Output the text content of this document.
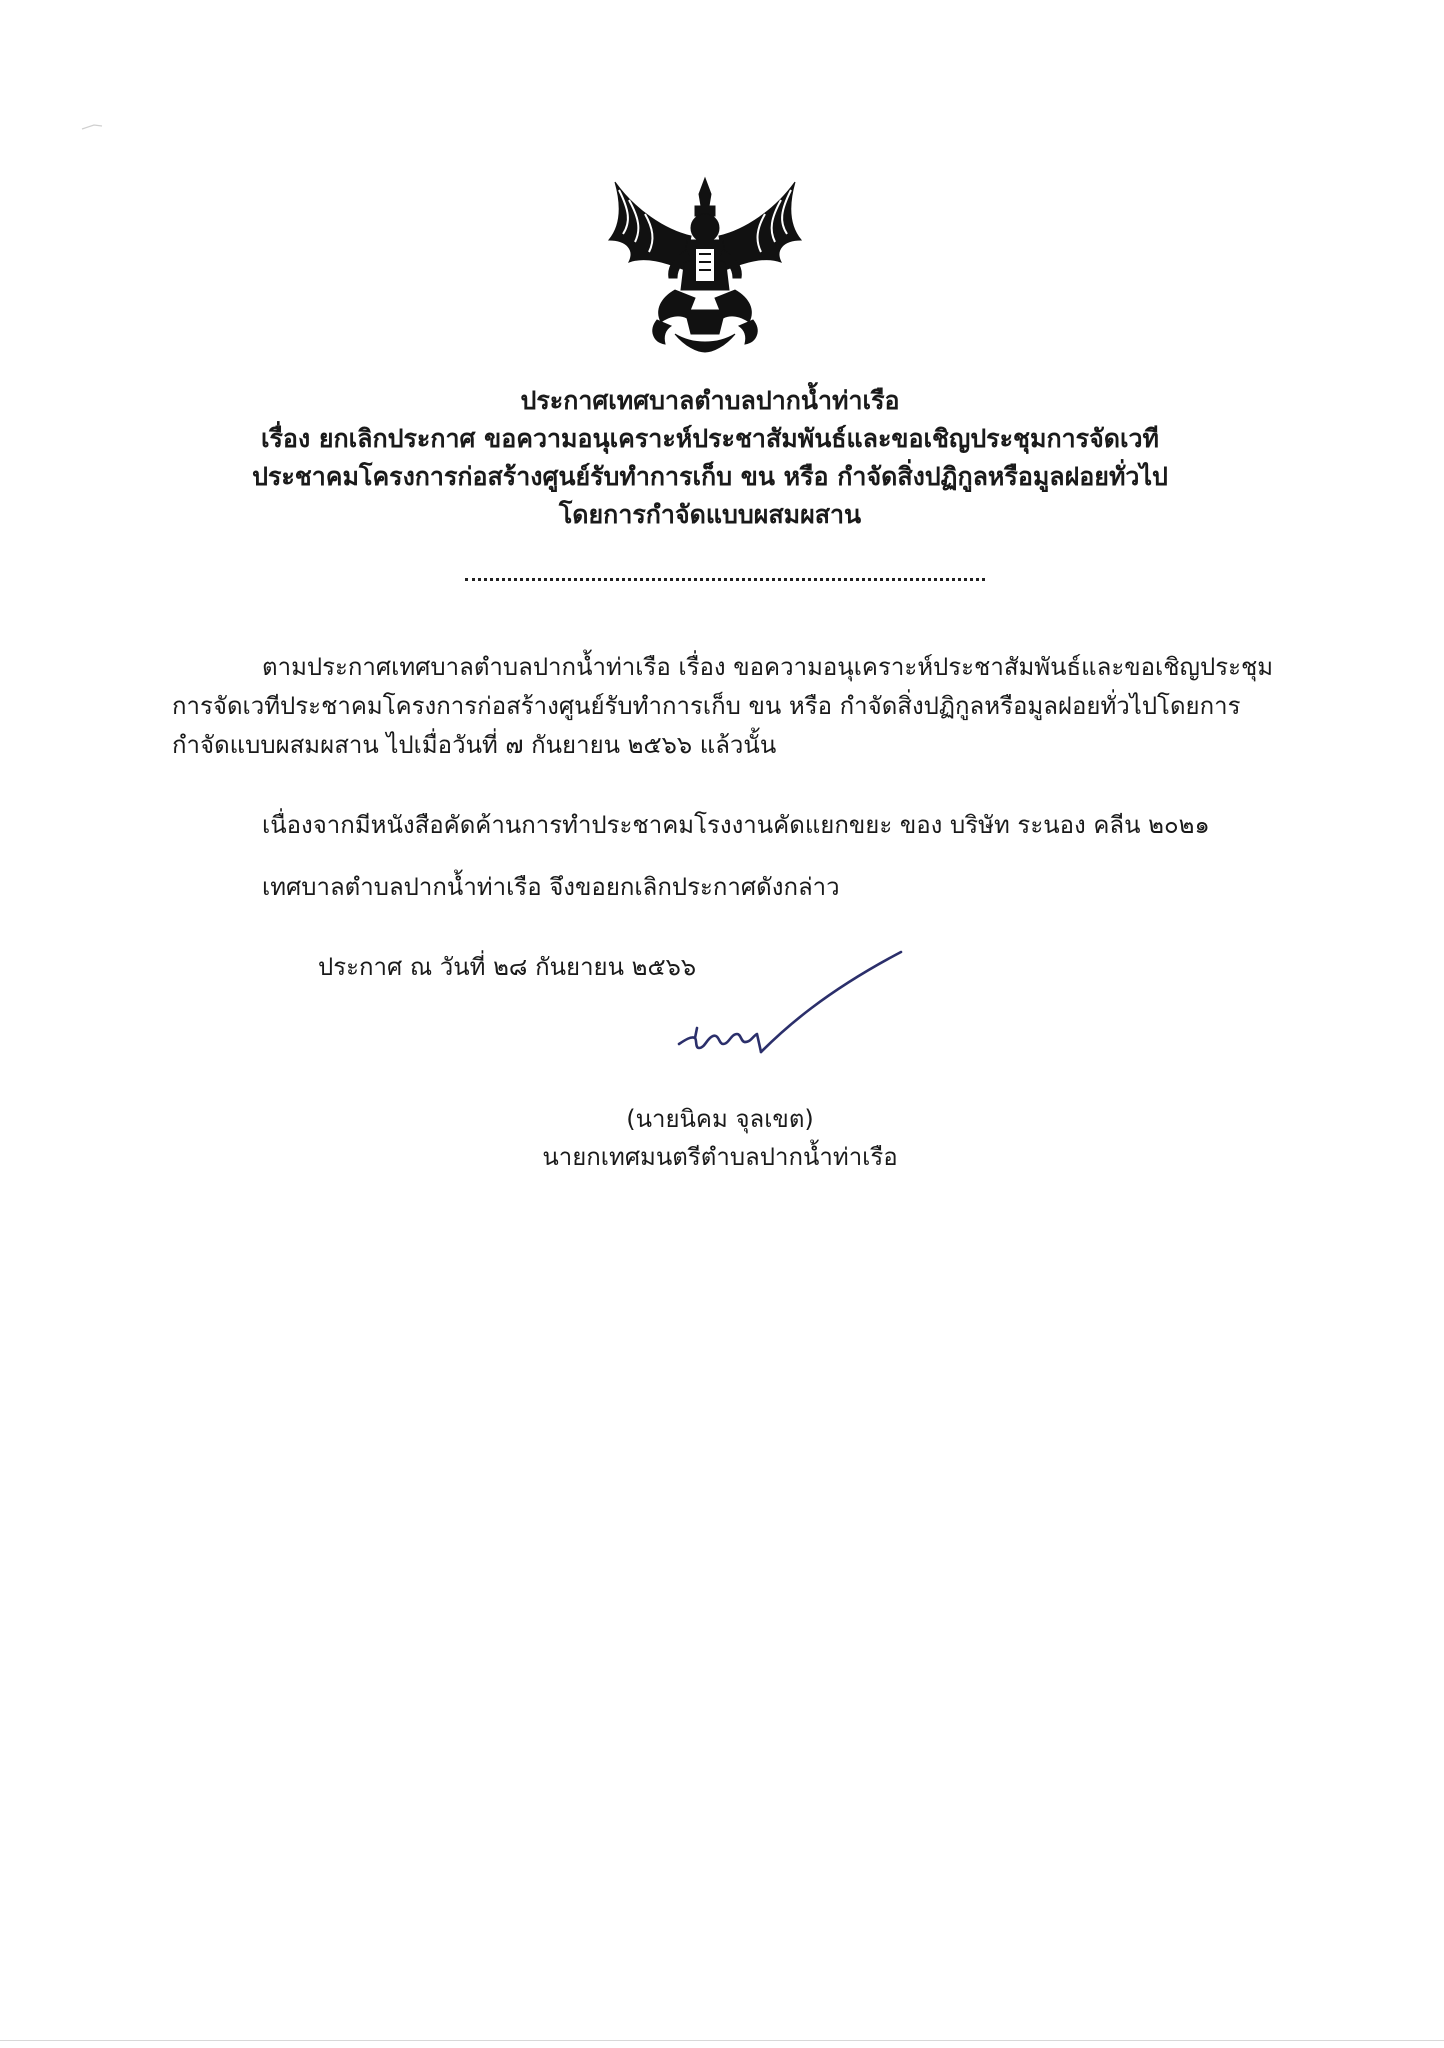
ประกาศเทศบาลตำบลปากน้ำท่าเรือ
เรื่อง ยกเลิกประกาศ ขอความอนุเคราะห์ประชาสัมพันธ์และขอเชิญประชุมการจัดเวที
ประชาคมโครงการก่อสร้างศูนย์รับทำการเก็บ ขน หรือ กำจัดสิ่งปฏิกูลหรือมูลฝอยทั่วไป
โดยการกำจัดแบบผสมผสาน
ตามประกาศเทศบาลตำบลปากน้ำท่าเรือ เรื่อง ขอความอนุเคราะห์ประชาสัมพันธ์และขอเชิญประชุม
การจัดเวทีประชาคมโครงการก่อสร้างศูนย์รับทำการเก็บ ขน หรือ กำจัดสิ่งปฏิกูลหรือมูลฝอยทั่วไปโดยการ
กำจัดแบบผสมผสาน ไปเมื่อวันที่ ๗ กันยายน ๒๕๖๖ แล้วนั้น
เนื่องจากมีหนังสือคัดค้านการทำประชาคมโรงงานคัดแยกขยะ ของ บริษัท ระนอง คลีน ๒๐๒๑
เทศบาลตำบลปากน้ำท่าเรือ จึงขอยกเลิกประกาศดังกล่าว
ประกาศ ณ วันที่ ๒๘ กันยายน ๒๕๖๖
(นายนิคม จุลเขต)
นายกเทศมนตรีตำบลปากน้ำท่าเรือ
